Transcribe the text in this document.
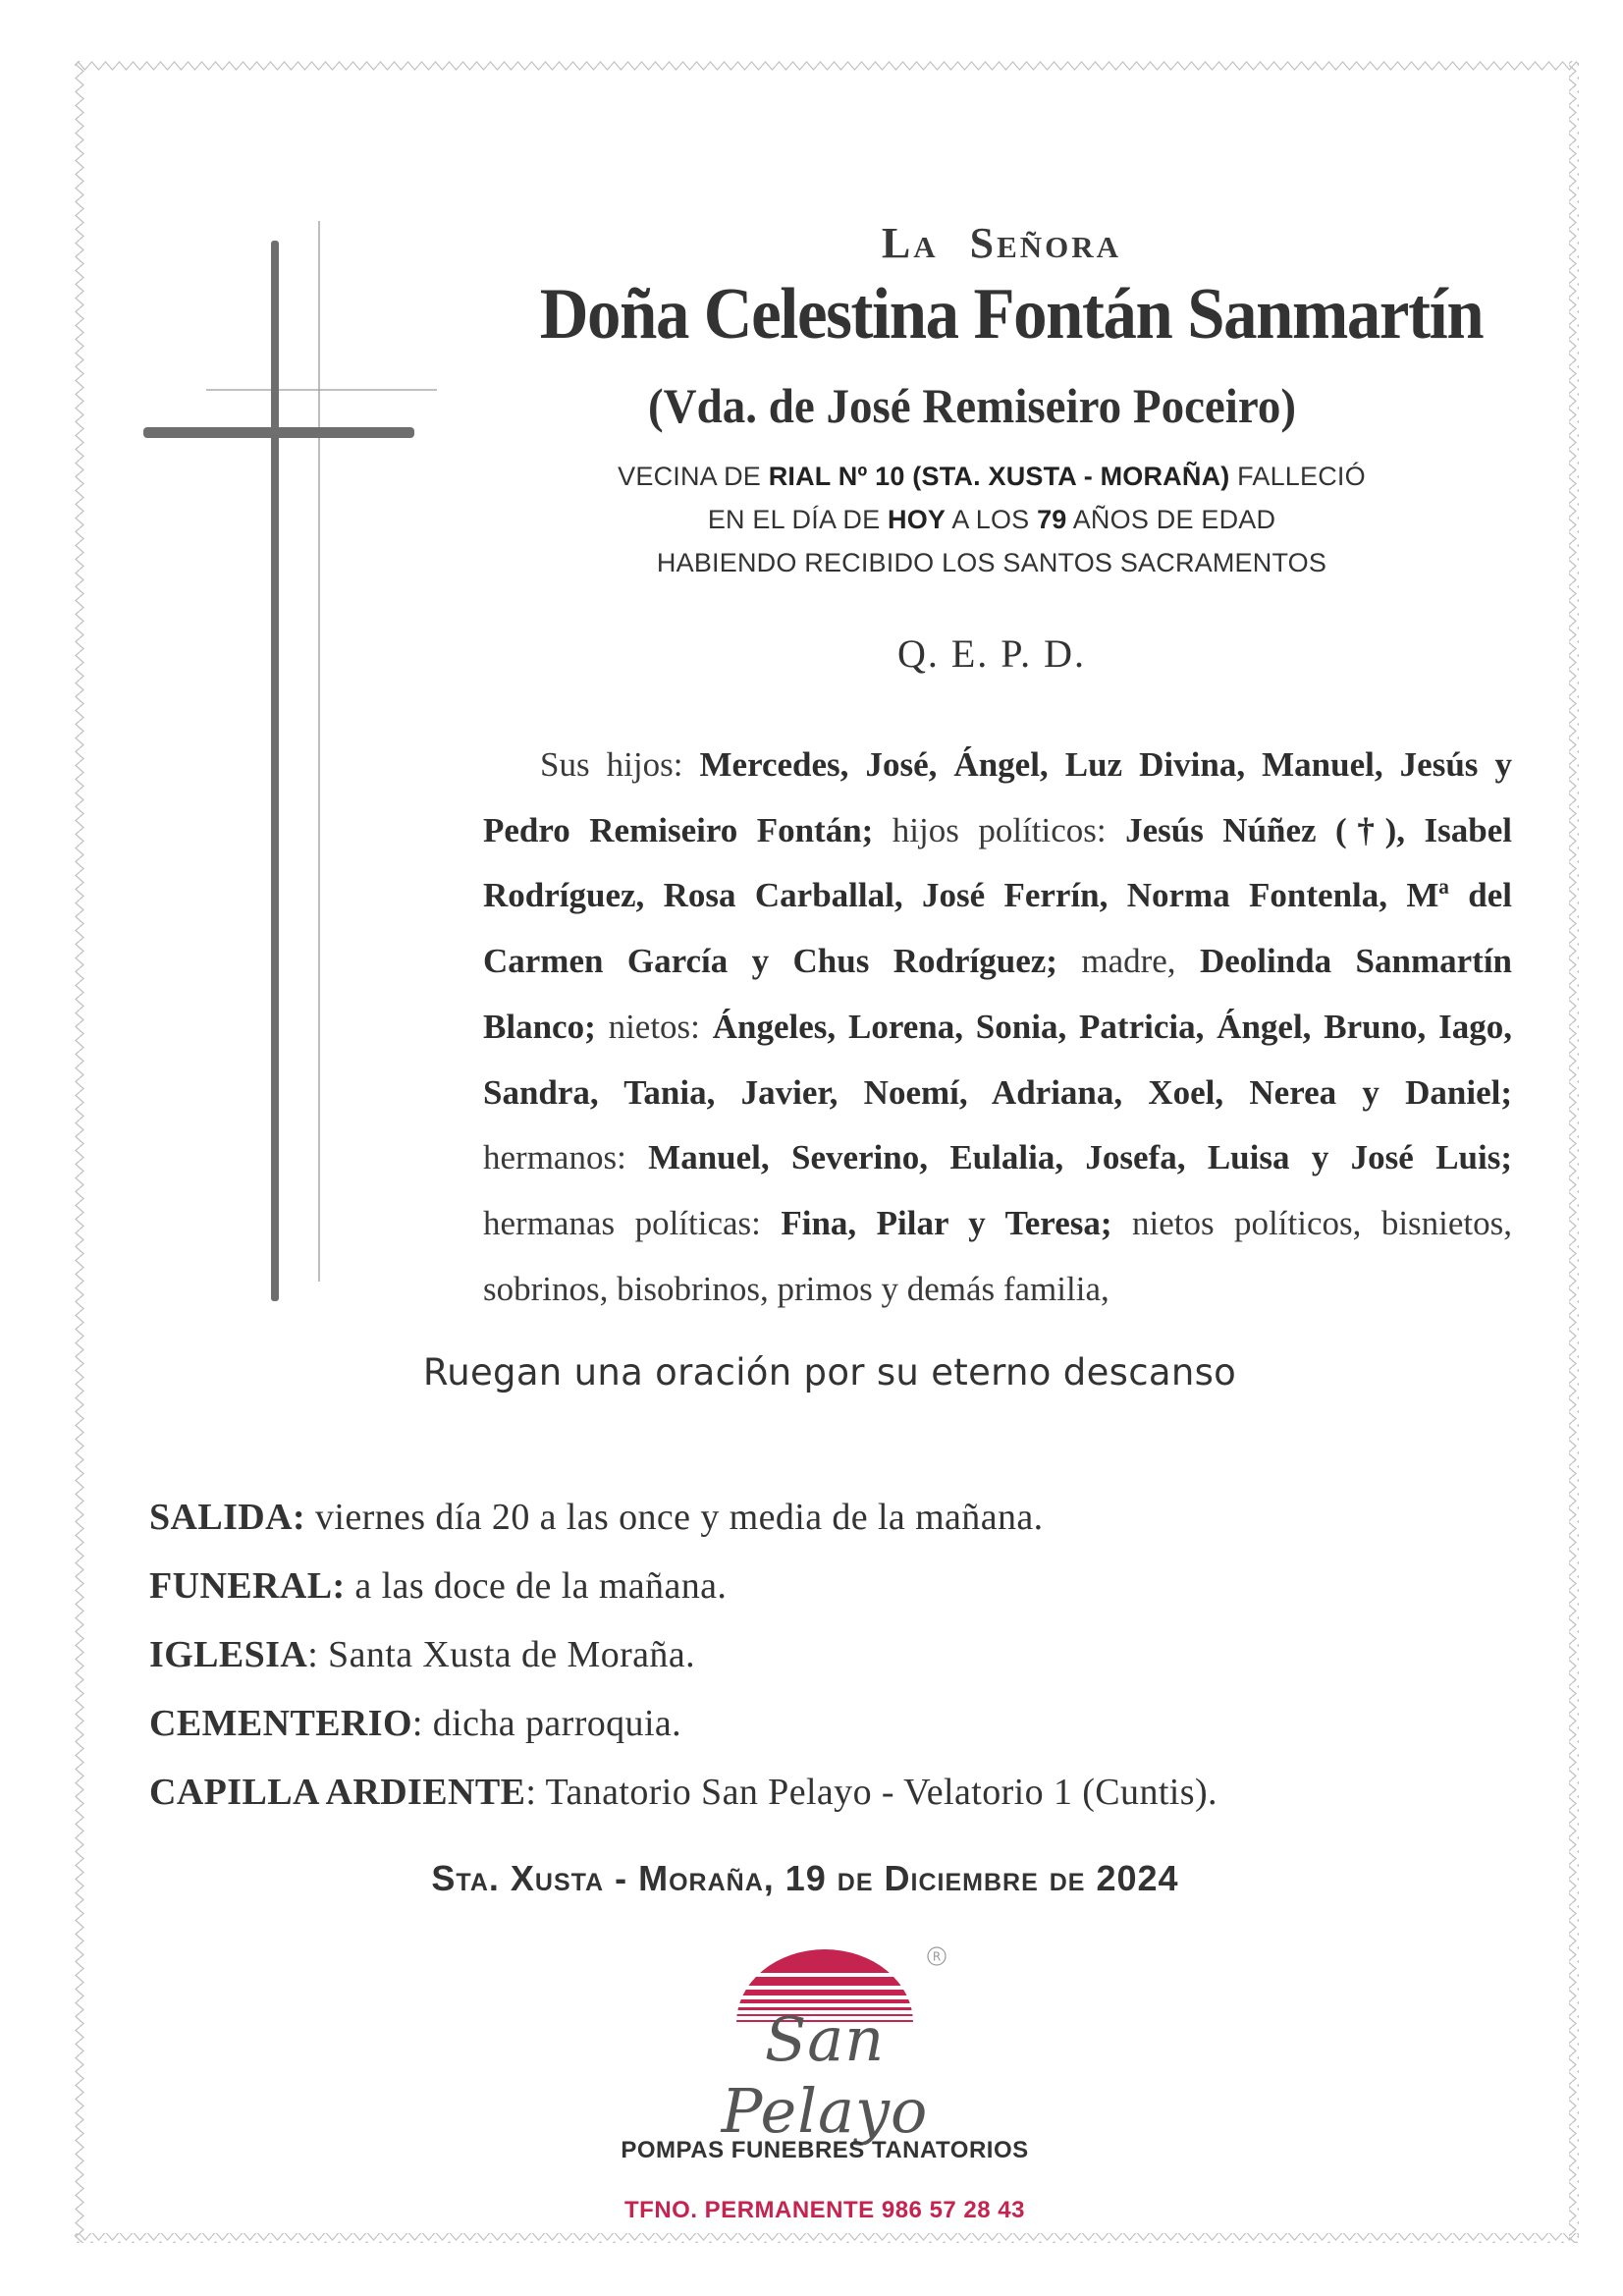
La Señora

Doña Celestina Fontán Sanmartín

(Vda. de José Remiseiro Poceiro)

VECINA DE RIAL Nº 10 (STA. XUSTA - MORAÑA) FALLECIÓ

EN EL DÍA DE HOY A LOS 79 AÑOS DE EDAD

HABIENDO RECIBIDO LOS SANTOS SACRAMENTOS

Q. E. P. D.

Sus hijos: Mercedes, José, Ángel, Luz Divina, Manuel, Jesús y Pedro Remiseiro Fontán; hijos políticos: Jesús Núñez (†), Isabel Rodríguez, Rosa Carballal, José Ferrín, Norma Fontenla, Mª del Carmen García y Chus Rodríguez; madre, Deolinda Sanmartín Blanco; nietos: Ángeles, Lorena, Sonia, Patricia, Ángel, Bruno, Iago, Sandra, Tania, Javier, Noemí, Adriana, Xoel, Nerea y Daniel; hermanos: Manuel, Severino, Eulalia, Josefa, Luisa y José Luis; hermanas políticas: Fina, Pilar y Teresa; nietos políticos, bisnietos, sobrinos, bisobrinos, primos y demás familia,

Ruegan una oración por su eterno descanso

SALIDA: viernes día 20 a las once y media de la mañana.
FUNERAL: a las doce de la mañana.
IGLESIA: Santa Xusta de Moraña.
CEMENTERIO: dicha parroquia.
CAPILLA ARDIENTE: Tanatorio San Pelayo - Velatorio 1 (Cuntis).

Sta. Xusta - Moraña, 19 de Diciembre de 2024

R
San Pelayo

POMPAS FUNEBRES TANATORIOS

TFNO. PERMANENTE 986 57 28 43
